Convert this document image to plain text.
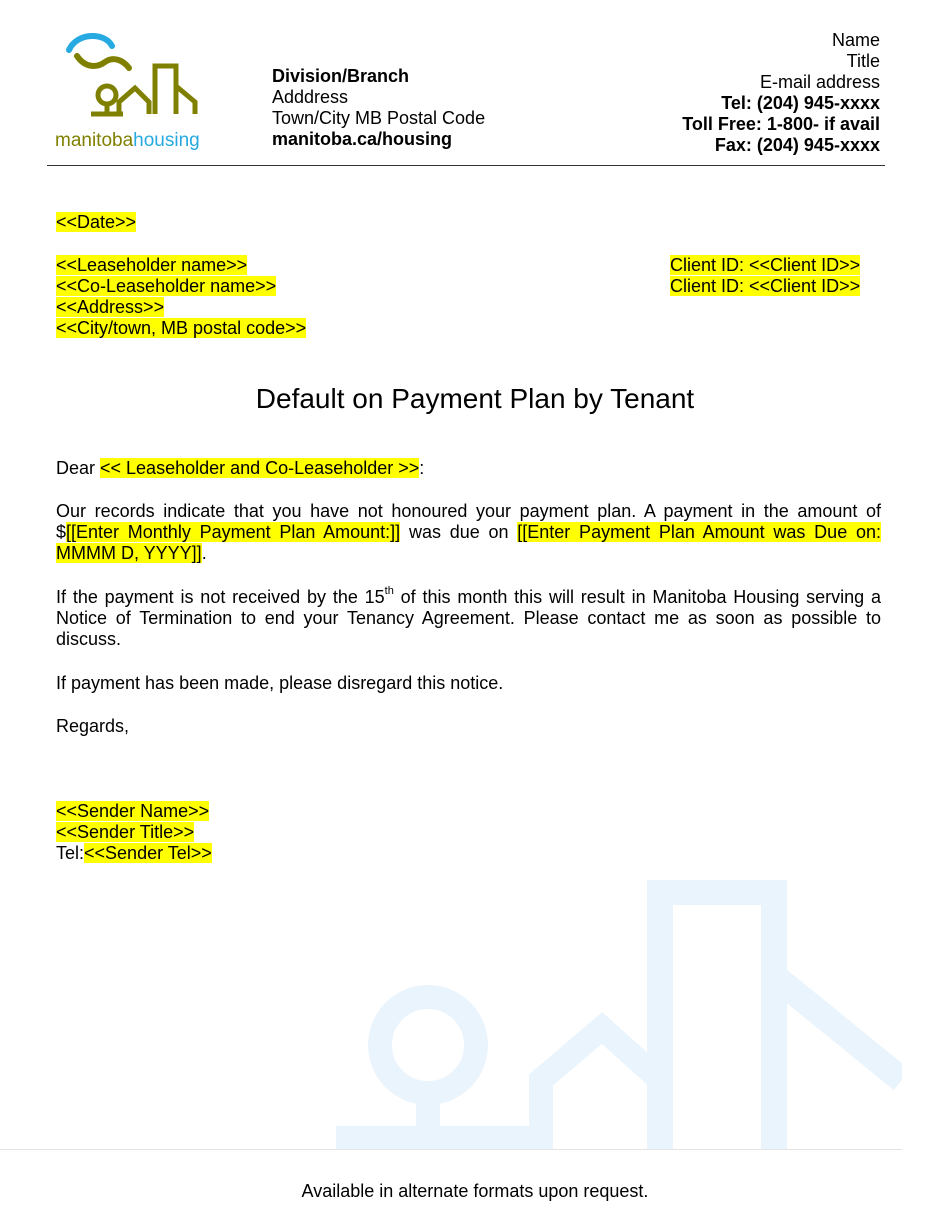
manitobahousing
Division/Branch
Adddress
Town/City MB Postal Code
manitoba.ca/housing
Name
Title
E-mail address
Tel: (204) 945-xxxx
Toll Free: 1-800- if avail
Fax: (204) 945-xxxx
<<Date>>
<<Leaseholder name>>
<<Co-Leaseholder name>>
<<Address>>
<<City/town, MB postal code>>
Client ID: <<Client ID>>
Client ID: <<Client ID>>
Default on Payment Plan by Tenant
Dear << Leaseholder and Co-Leaseholder >>:
Our records indicate that you have not honoured your payment plan. A payment in the amount of $[[Enter Monthly Payment Plan Amount:]] was due on [[Enter Payment Plan Amount was Due on: MMMM D, YYYY]].
If the payment is not received by the 15th of this month this will result in Manitoba Housing serving a Notice of Termination to end your Tenancy Agreement. Please contact me as soon as possible to discuss.
If payment has been made, please disregard this notice.
Regards,
<<Sender Name>>
<<Sender Title>>
Tel:<<Sender Tel>>
Available in alternate formats upon request.
